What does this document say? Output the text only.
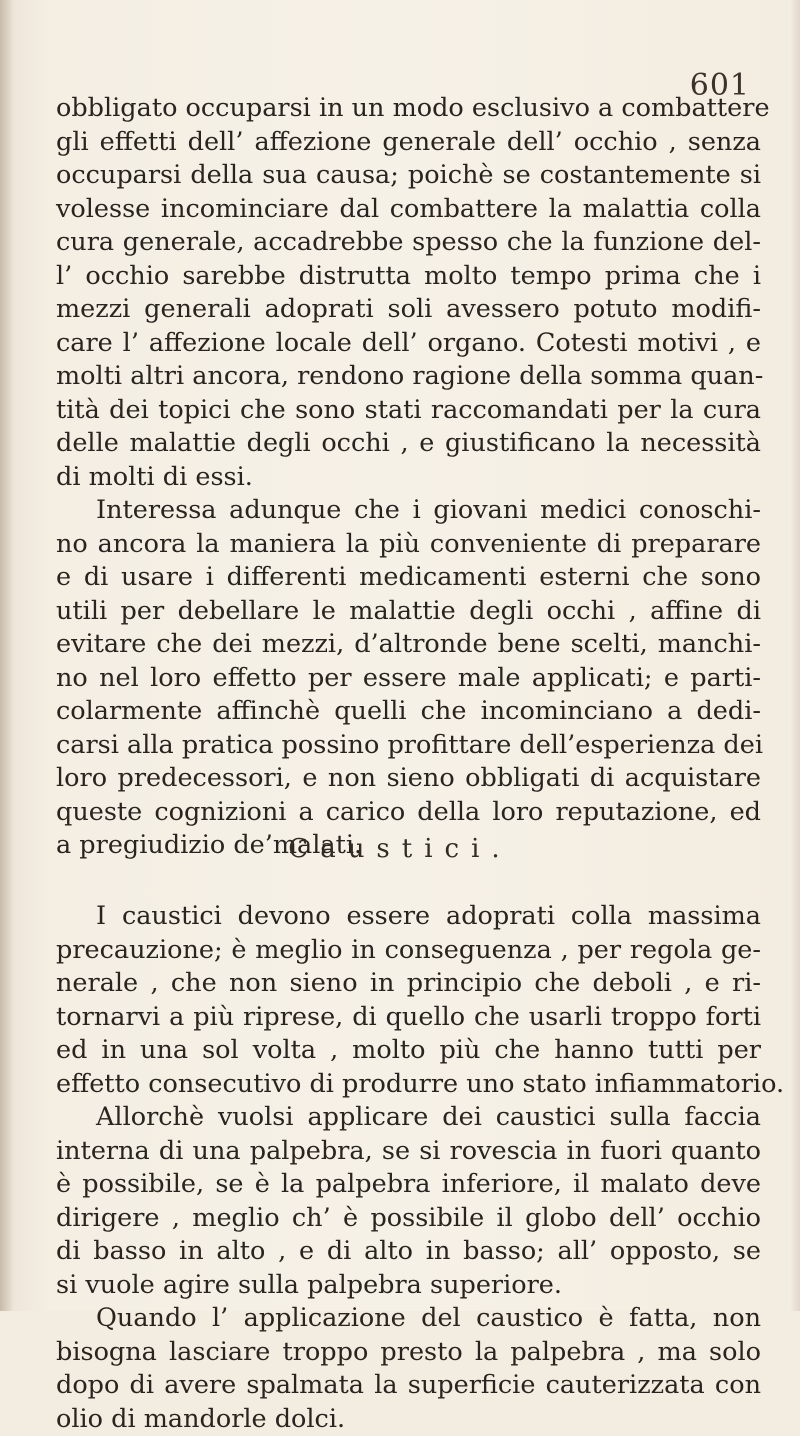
601
obbligato occuparsi in un modo esclusivo a combattere
gli effetti dell’ affezione generale dell’ occhio , senza
occuparsi della sua causa; poichè se costantemente si
volesse incominciare dal combattere la malattia colla
cura generale, accadrebbe spesso che la funzione del-
l’ occhio sarebbe distrutta molto tempo prima che i
mezzi generali adoprati soli avessero potuto modifi-
care l’ affezione locale dell’ organo. Cotesti motivi , e
molti altri ancora, rendono ragione della somma quan-
tità dei topici che sono stati raccomandati per la cura
delle malattie degli occhi , e giustificano la necessità
di molti di essi.
Interessa adunque che i giovani medici conoschi-
no ancora la maniera la più conveniente di preparare
e di usare i differenti medicamenti esterni che sono
utili per debellare le malattie degli occhi , affine di
evitare che dei mezzi, d’altronde bene scelti, manchi-
no nel loro effetto per essere male applicati; e parti-
colarmente affinchè quelli che incominciano a dedi-
carsi alla pratica possino profittare dell’esperienza dei
loro predecessori, e non sieno obbligati di acquistare
queste cognizioni a carico della loro reputazione, ed
a pregiudizio de’malati.
Caustici.
I caustici devono essere adoprati colla massima
precauzione; è meglio in conseguenza , per regola ge-
nerale , che non sieno in principio che deboli , e ri-
tornarvi a più riprese, di quello che usarli troppo forti
ed in una sol volta , molto più che hanno tutti per
effetto consecutivo di produrre uno stato infiammatorio.
Allorchè vuolsi applicare dei caustici sulla faccia
interna di una palpebra, se si rovescia in fuori quanto
è possibile, se è la palpebra inferiore, il malato deve
dirigere , meglio ch’ è possibile il globo dell’ occhio
di basso in alto , e di alto in basso; all’ opposto, se
si vuole agire sulla palpebra superiore.
Quando l’ applicazione del caustico è fatta, non
bisogna lasciare troppo presto la palpebra , ma solo
dopo di avere spalmata la superficie cauterizzata con
olio di mandorle dolci.
